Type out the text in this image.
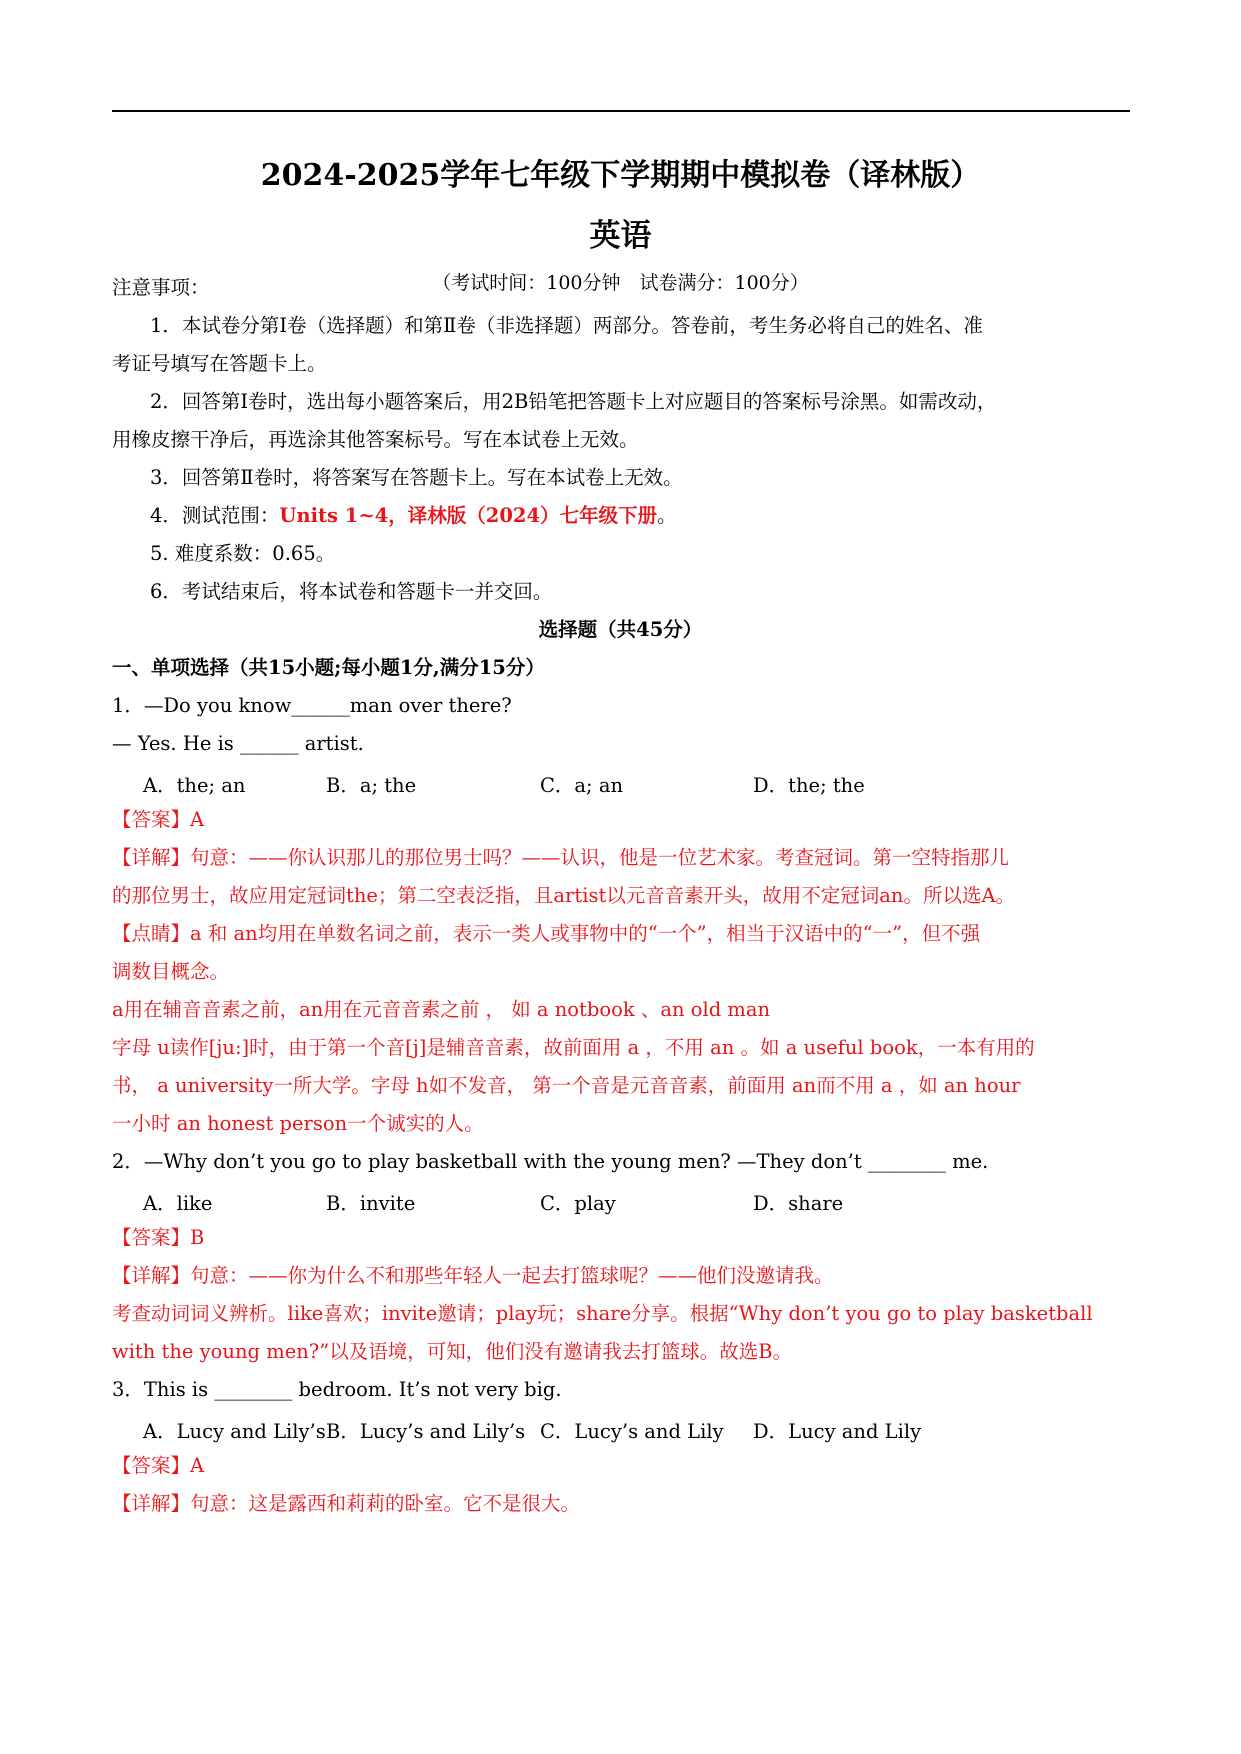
2024-2025学年七年级下学期期中模拟卷（译林版）
英语
（考试时间：100分钟　试卷满分：100分）
注意事项：
1．本试卷分第Ⅰ卷（选择题）和第Ⅱ卷（非选择题）两部分。答卷前，考生务必将自己的姓名、准
考证号填写在答题卡上。
2．回答第Ⅰ卷时，选出每小题答案后，用2B铅笔把答题卡上对应题目的答案标号涂黑。如需改动，
用橡皮擦干净后，再选涂其他答案标号。写在本试卷上无效。
3．回答第Ⅱ卷时，将答案写在答题卡上。写在本试卷上无效。
4．测试范围：Units 1~4，译林版（2024）七年级下册。
5. 难度系数：0.65。
6．考试结束后，将本试卷和答题卡一并交回。
选择题（共45分）
一、单项选择（共15小题;每小题1分,满分15分）
1．—Do you know______man over there?
— Yes. He is ______ artist.
A．the; an	B．a; the	C．a; an	D．the; the
【答案】A
【详解】句意：——你认识那儿的那位男士吗？——认识，他是一位艺术家。考查冠词。第一空特指那儿
的那位男士，故应用定冠词the；第二空表泛指，且artist以元音音素开头，故用不定冠词an。所以选A。
【点睛】a 和 an均用在单数名词之前，表示一类人或事物中的“一个”，相当于汉语中的“一”，但不强
调数目概念。
a用在辅音音素之前，an用在元音音素之前 ， 如 a notbook 、an old man
字母 u读作[ju:]时，由于第一个音[j]是辅音音素，故前面用 a ，不用 an 。如 a useful book，一本有用的
书， a university一所大学。字母 h如不发音， 第一个音是元音音素，前面用 an而不用 a ，如 an hour
一小时 an honest person一个诚实的人。
2．—Why don’t you go to play basketball with the young men? —They don’t ________ me.
A．like	B．invite	C．play	D．share
【答案】B
【详解】句意：——你为什么不和那些年轻人一起去打篮球呢？——他们没邀请我。
考查动词词义辨析。like喜欢；invite邀请；play玩；share分享。根据“Why don’t you go to play basketball
with the young men?”以及语境，可知，他们没有邀请我去打篮球。故选B。
3．This is ________ bedroom. It’s not very big.
A．Lucy and Lily’s B．Lucy’s and Lily’s C．Lucy’s and Lily D．Lucy and Lily
【答案】A
【详解】句意：这是露西和莉莉的卧室。它不是很大。
